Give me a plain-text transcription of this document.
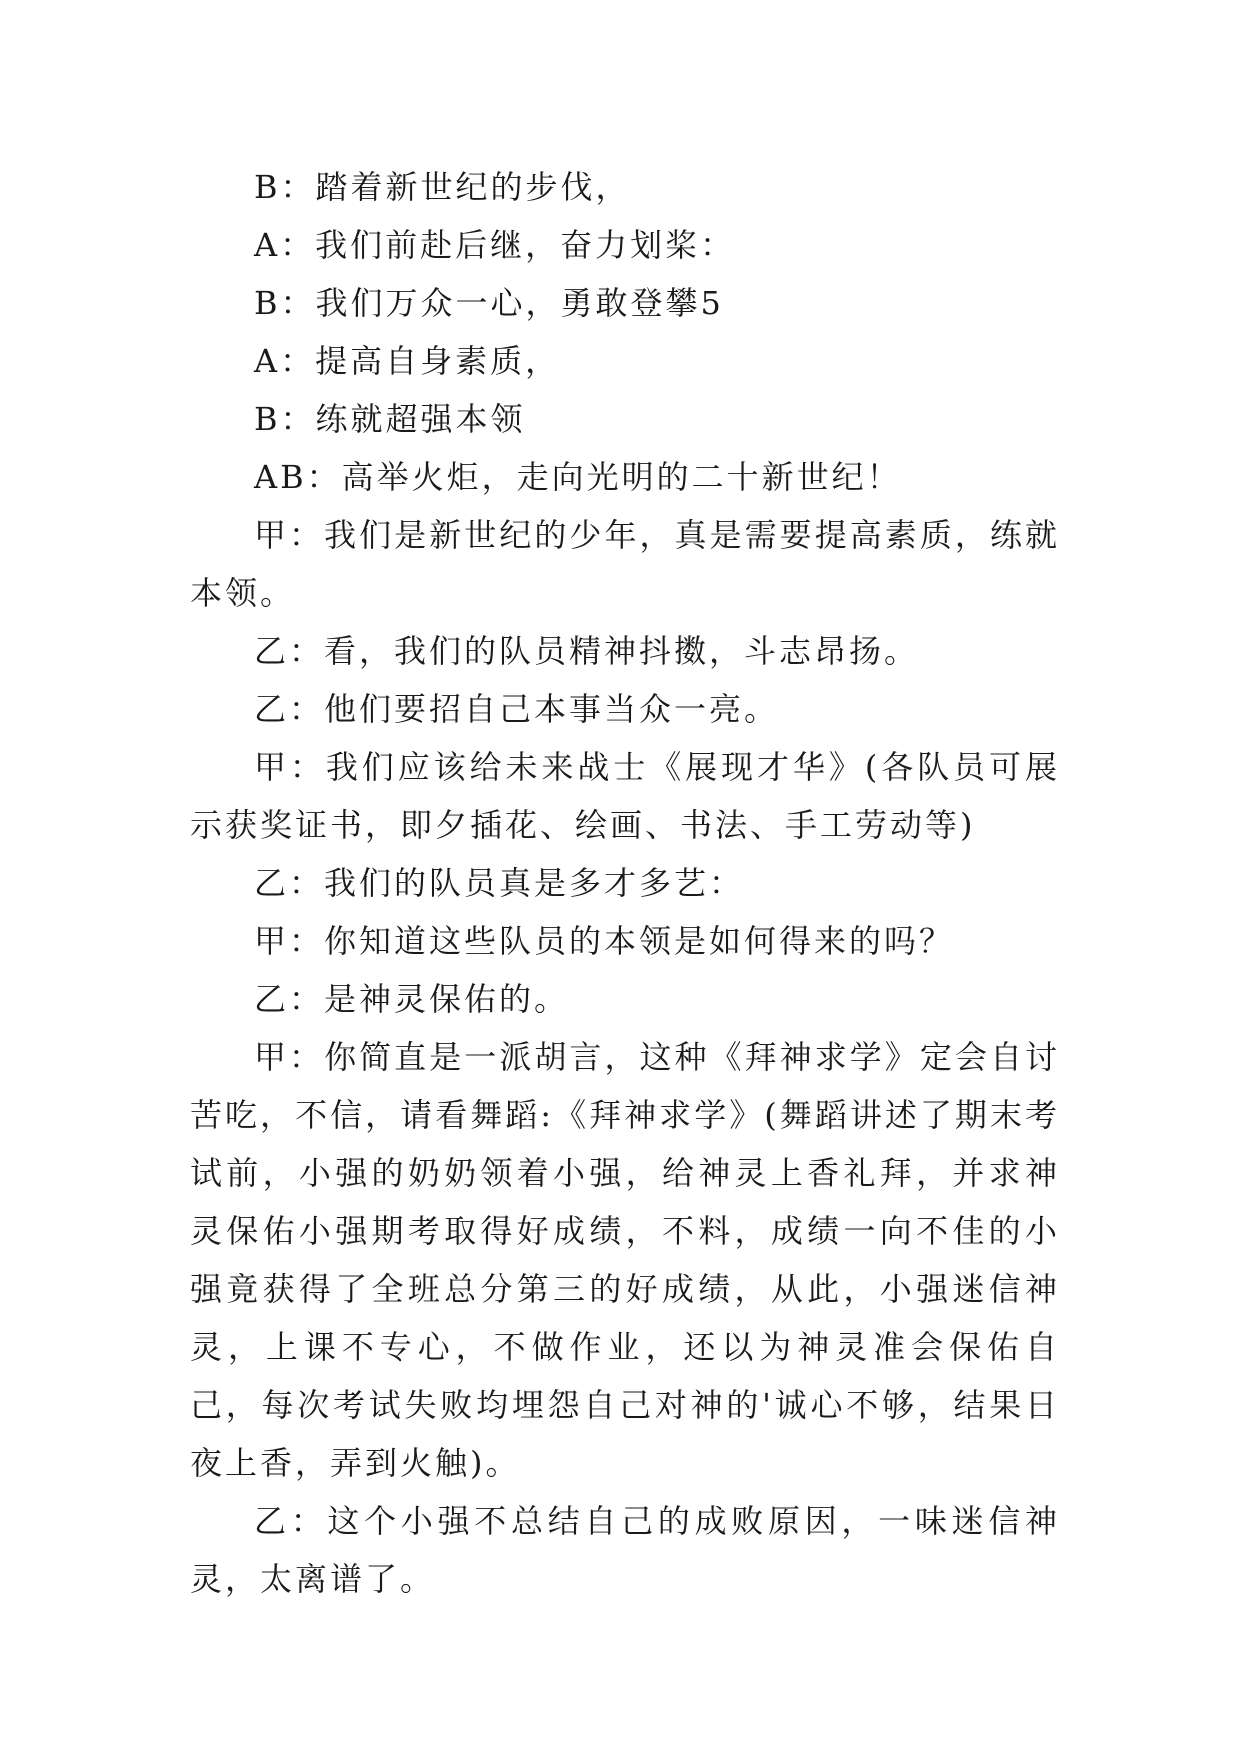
B：踏着新世纪的步伐，

A：我们前赴后继，奋力划桨：

B：我们万众一心，勇敢登攀5

A：提高自身素质，

B：练就超强本领

AB：高举火炬，走向光明的二十新世纪！

甲：我们是新世纪的少年，真是需要提高素质，练就本领。

乙：看，我们的队员精神抖擞，斗志昂扬。

乙：他们要招自己本事当众一亮。

甲：我们应该给未来战士《展现才华》(各队员可展示获奖证书，即夕插花、绘画、书法、手工劳动等)

乙：我们的队员真是多才多艺：

甲：你知道这些队员的本领是如何得来的吗？

乙：是神灵保佑的。

甲：你简直是一派胡言，这种《拜神求学》定会自讨苦吃，不信，请看舞蹈:《拜神求学》(舞蹈讲述了期末考试前，小强的奶奶领着小强，给神灵上香礼拜，并求神灵保佑小强期考取得好成绩，不料，成绩一向不佳的小强竟获得了全班总分第三的好成绩，从此，小强迷信神灵，上课不专心，不做作业，还以为神灵准会保佑自己，每次考试失败均埋怨自己对神的'诚心不够，结果日夜上香，弄到火触)。

乙：这个小强不总结自己的成败原因，一味迷信神灵，太离谱了。
